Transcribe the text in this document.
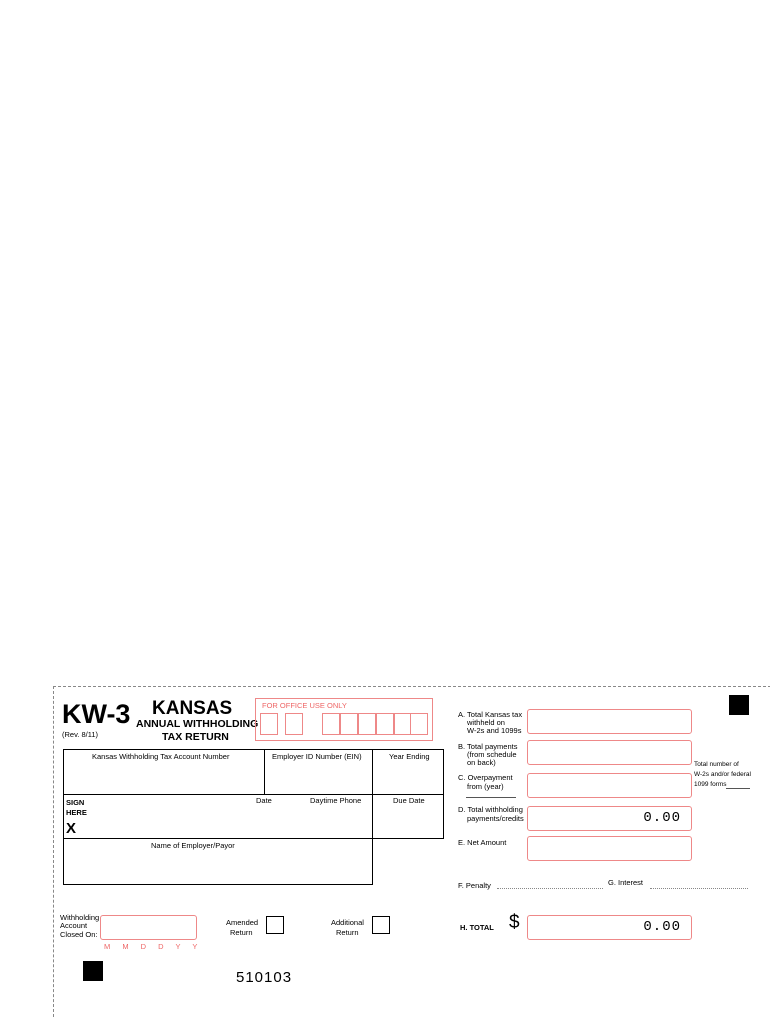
KW-3
(Rev. 8/11)
KANSAS
ANNUAL WITHHOLDING
TAX RETURN
FOR OFFICE USE ONLY
Kansas Withholding Tax Account Number	Employer ID Number (EIN)	Year Ending
SIGN
HERE
X
Date	Daytime Phone	Due Date
Name of Employer/Payor
A. Total Kansas tax
withheld on
W-2s and 1099s
B. Total payments
(from schedule
on back)	Total number of
W-2s and/or federal
1099 forms
C. Overpayment
from (year)
D. Total withholding
payments/credits	0.00
E. Net Amount
F. Penalty	G. Interest
H. TOTAL $	0.00
Withholding
Account
Closed On:
M M D D Y Y
Amended
Return
Additional
Return
510103
